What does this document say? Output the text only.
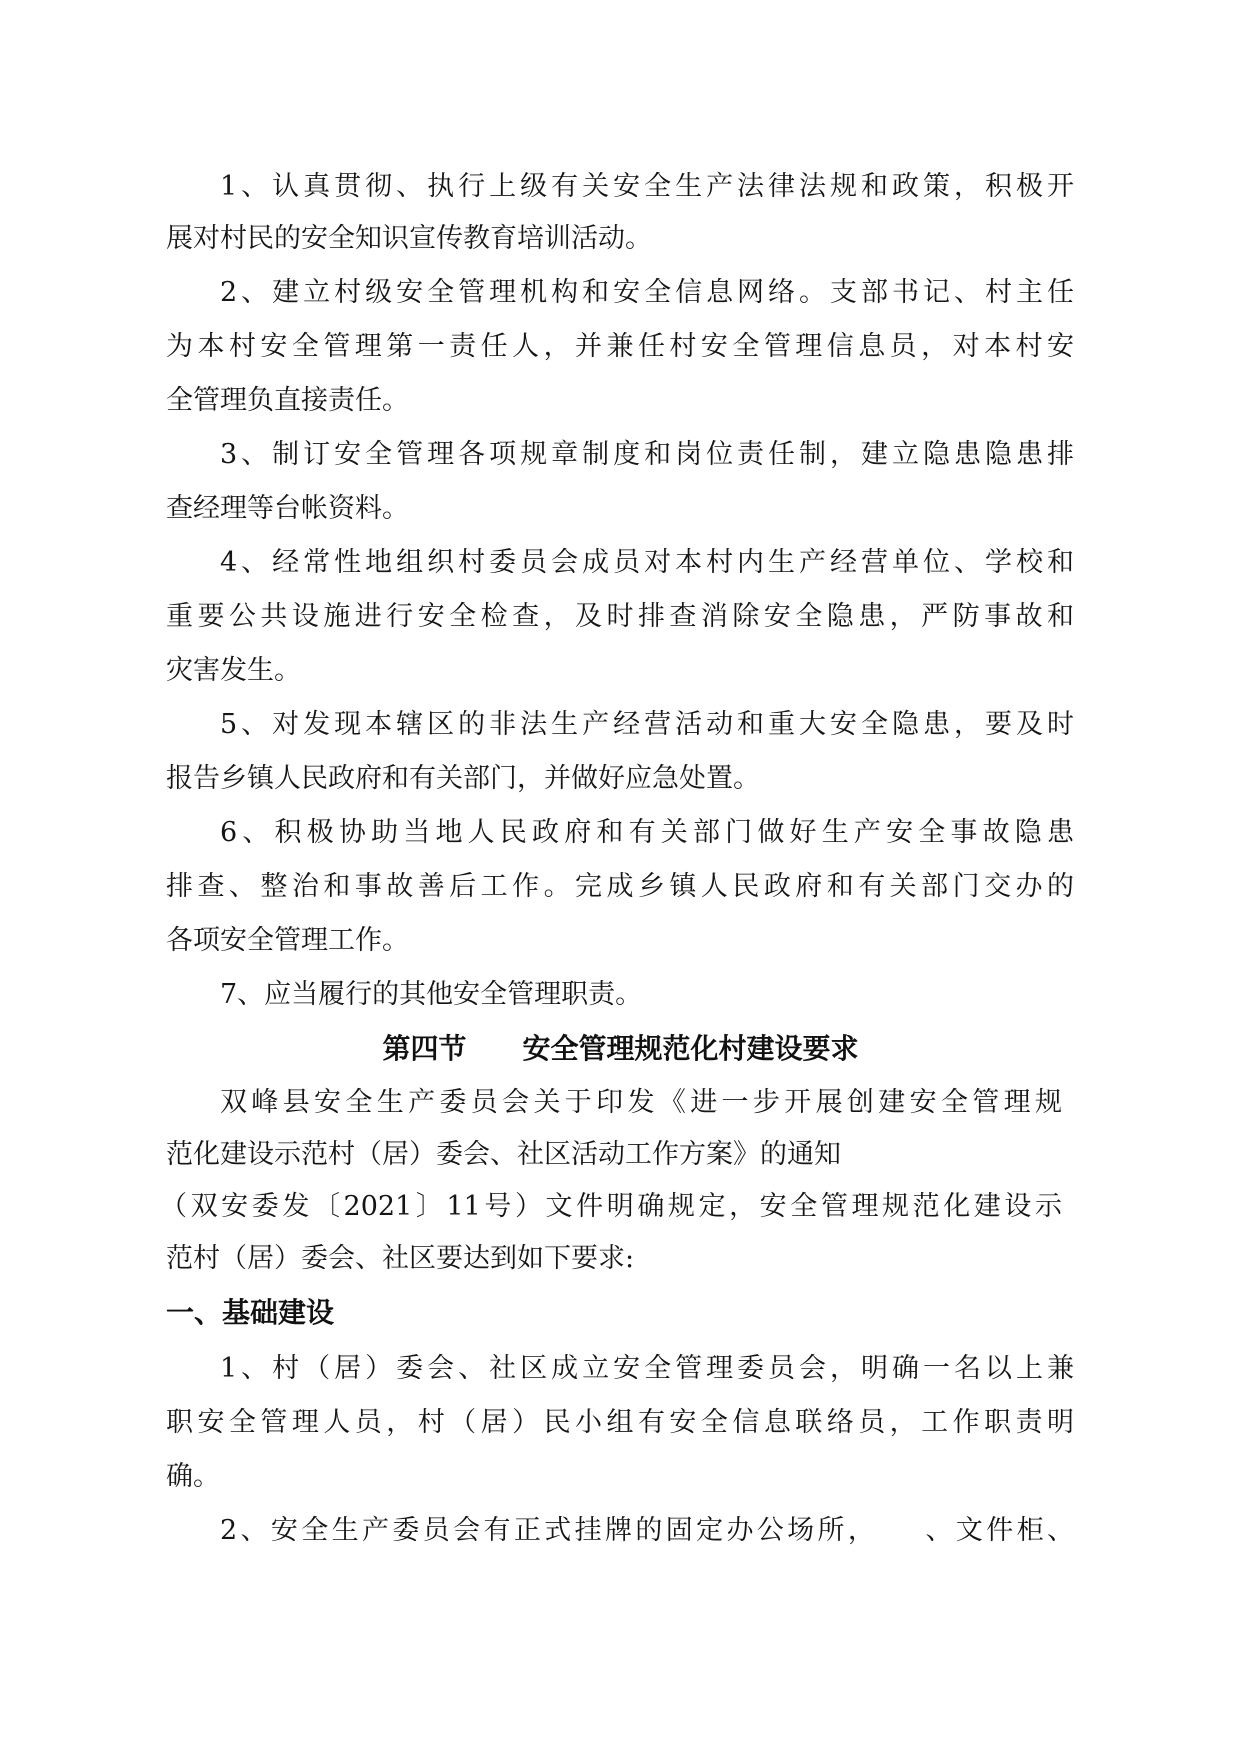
1、认真贯彻、执行上级有关安全生产法律法规和政策，积极开
展对村民的安全知识宣传教育培训活动。
2、建立村级安全管理机构和安全信息网络。支部书记、村主任
为本村安全管理第一责任人，并兼任村安全管理信息员，对本村安
全管理负直接责任。
3、制订安全管理各项规章制度和岗位责任制，建立隐患隐患排
查经理等台帐资料。
4、经常性地组织村委员会成员对本村内生产经营单位、学校和
重要公共设施进行安全检查，及时排查消除安全隐患，严防事故和
灾害发生。
5、对发现本辖区的非法生产经营活动和重大安全隐患，要及时
报告乡镇人民政府和有关部门，并做好应急处置。
6、积极协助当地人民政府和有关部门做好生产安全事故隐患
排查、整治和事故善后工作。完成乡镇人民政府和有关部门交办的
各项安全管理工作。
7、应当履行的其他安全管理职责。
第四节 安全管理规范化村建设要求
双峰县安全生产委员会关于印发《进一步开展创建安全管理规
范化建设示范村（居）委会、社区活动工作方案》的通知
（双安委发〔2021〕11号）文件明确规定，安全管理规范化建设示
范村（居）委会、社区要达到如下要求:
一、基础建设
1、村（居）委会、社区成立安全管理委员会，明确一名以上兼
职安全管理人员，村（居）民小组有安全信息联络员，工作职责明
确。
2、安全生产委员会有正式挂牌的固定办公场所，　　、文件柜、
